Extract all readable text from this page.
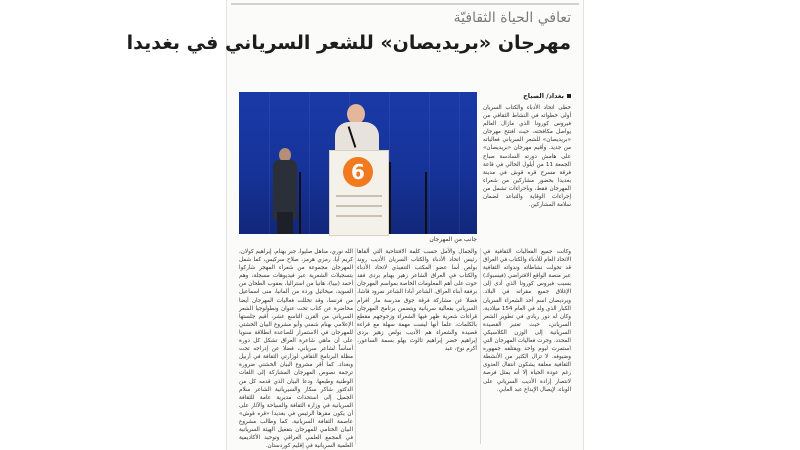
تعافي الحياة الثقافيّة
مهرجان «بريديصان» للشعر السرياني في بغديدا
6
جانب من المهرجان
بغداد/ الصباح
خطى اتحاد الأدباء والكتاب السريان أولى خطواته في النشاط الثقافي من فيروس كورونا الذي مازال العالم يواصل مكافحته، حيث افتتح مهرجان «بريديصان» للشعر السرياني فعالياته من جديد. وأقيم مهرجان «بريديصان» على هامش دورته السادسة صباح الجمعة 11 من أيلول الحالي في قاعة فرقة مسرح قره قوش في مدينة بغديدا بحضور مشاركين من شعراء المهرجان فقط، وباحراءات تشمل من إجراءات الوقاية والتباعد لضمان سلامة المشاركين.
وكانت جميع الفعاليات الثقافية في الاتحاد العام للأدباء والكتاب في العراق قد تحولت نشاطاته وندواته الثقافية عبر منصة الواقع الافتراضي (فيسبوك) بسبب فيروس كورونا الذي أدى إلى الإغلاق جميع مقراته في البلاد. ويرديصان اسم أحد الشعراء السريان الكبار الذي ولد في العام 154 ميلادية، وكان له دور ريادي في تطوير الشعر السرياني، حيث تعتبر القصيدة السريانية إلى الوزن الكلاسيكي المحدد. وجرت فعاليات المهرجان التي استمرت ليوم واحد ويقتلفه جمهوره وضيوفه. لا تزال الكثير من الأنشطة الثقافية معلقة يشكون انتقال العدوى رغم عودة الحياة إلا أنه يمثل فرصة لانتصار إرادة الأديب السرياني على الوباء، لإيصال الإبداع عبد العابي.
والجمال والأمل حسب كلمة الافتتاحية التي ألقاها رئيس اتحاد الأدباء والكتاب السريان الأديب روند بولص أسا عضو المكتب التنفيذي لاتحاد الأدباء والكتاب في العراق الشاعر زهير بهنام بردى فقد حوت على أهم المعلومات الخاصة بمواسم المهرجان برفقة أبناء العراق. الشاعر أبادا الشاعر نمرود قاشا، فضلا عن مشاركة فرقة جوق مدرسة مار افرام السرياني بفعالية سريانية ويتضمن برنامج المهرجان قراءات شعرية ظهر فيها الشعراء وزجوجهم مقطع بالكلمات، علما أنها ليست مهمة سهلة مع قراءة قصيدة والشعراء هم الأديب بولص زهير بردى إبراهيم خضر إبراهيم ثالوث بهلو بسمة الساعور، أكرم نوح، عبد
الله نوري، مناهل صليوا، جبر بهنام، إبراهيم كولان، كريم أيا، رمزي هرمز، صلاح سركيس، كما شمل المهرجان مجموعة من شعراء المهجر شاركوا بتسجيلات الشعرية عبر فيديوهات مسجلة، وهم أحمد (بيبا)، هانيا من استراليا، بعفوب الطحان من السويد، ميخائيل وردة من ألمانيا، منى اسماعيل من فرنسا، وقد تخللت فعاليات المهرجان أيضا محاضرة عن كتاب تحت عنوان ونطولوجيا الشعر السرياني من القرن التاسع عشر، أقيم جلستها الإعلامي بهنام شمني وأبو مشروع البيان الخشتي للمهرجان في الاستمرار للصاعدة انطلاقة سنويا على أن ماهي شاعرة العراق تشكل كل دورة أساساً لشاعر سرياني، فضلا عن إدراجه تحت مظلة البرنامج الثقافي لوزارتي الثقافة في أربيل وبغداد. كما أقر مشروع البيان الخشتي ضرورة ترجمة نصوص المهرجان المشاركة إلى اللغات الوطنية وطبعها. ودعا البيان الذي قدمه كل من الدكتور شاكر سكار والسيريانية الشاعر سلام الجميل إلى استحداث مديرية عامة للثقافة السريانية في وزارة الثقافة والسياحة والآثار على أن يكون مقرها الرئيس في بغديدا «قره قوش» عاصمة الثقافة السريانية. كما وطالب مشروع البيان الختامي للمهرجان بتفعيل الهيئة السريانية في المجمع العلمي العراقي وتوحيد الأكاديمية العلمية السريانية في إقليم كوردستان.
